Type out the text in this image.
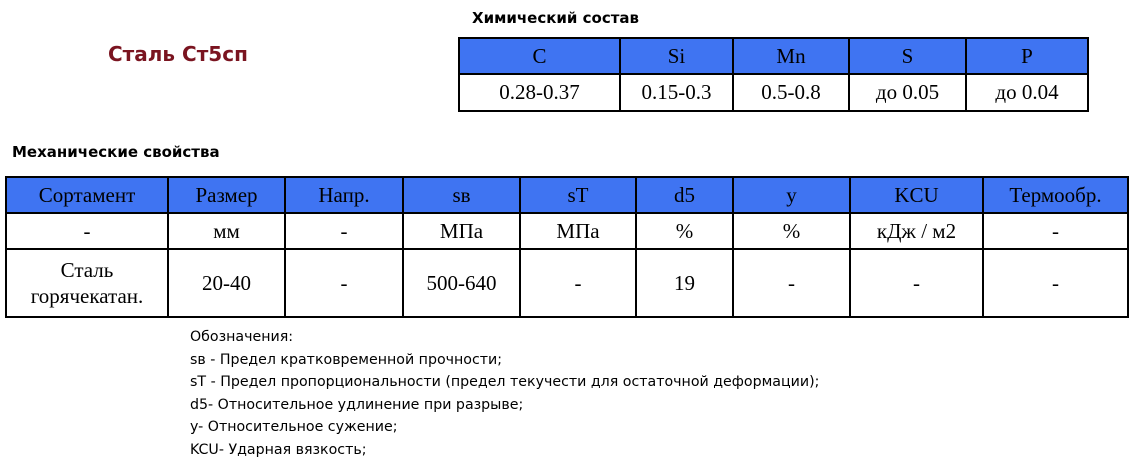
Сталь Ст5сп
Химический состав
C	Si	Mn	S	P
0.28-0.37	0.15-0.3	0.5-0.8	до 0.05	до 0.04
Механические свойства
Сортамент	Размер	Напр.	sв	sT	d5	y	KCU	Термообр.
-	мм	-	МПа	МПа	%	%	кДж / м2	-
Сталь горячекатан.	20-40	-	500-640	-	19	-	-	-
Обозначения:
sв - Предел кратковременной прочности;
sT - Предел пропорциональности (предел текучести для остаточной деформации);
d5- Относительное удлинение при разрыве;
y- Относительное сужение;
KCU- Ударная вязкость;
